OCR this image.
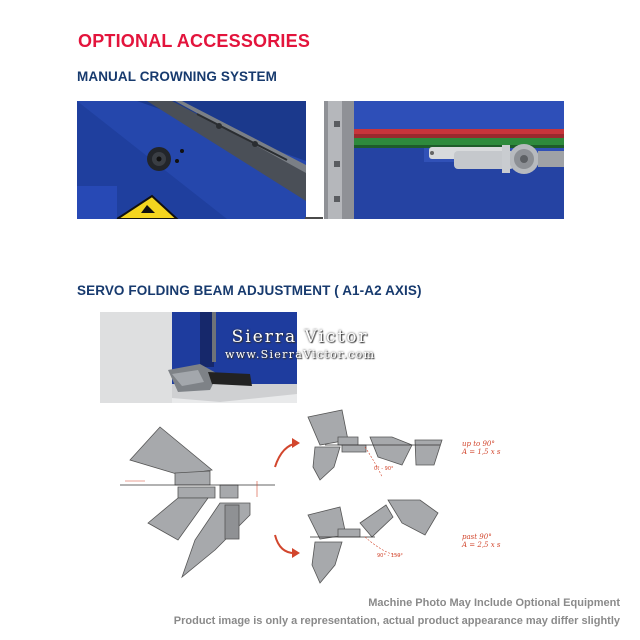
OPTIONAL ACCESSORIES
MANUAL CROWNING SYSTEM
SERVO FOLDING BEAM ADJUSTMENT ( A1-A2 AXIS)
Sierra Victor
www.SierraVictor.com
up to 90°
A = 1,5 x s
0° - 90°
past 90°
A = 2,5 x s
90° - 150°
Machine Photo May Include Optional Equipment
Product image is only a representation, actual product appearance may differ slightly
